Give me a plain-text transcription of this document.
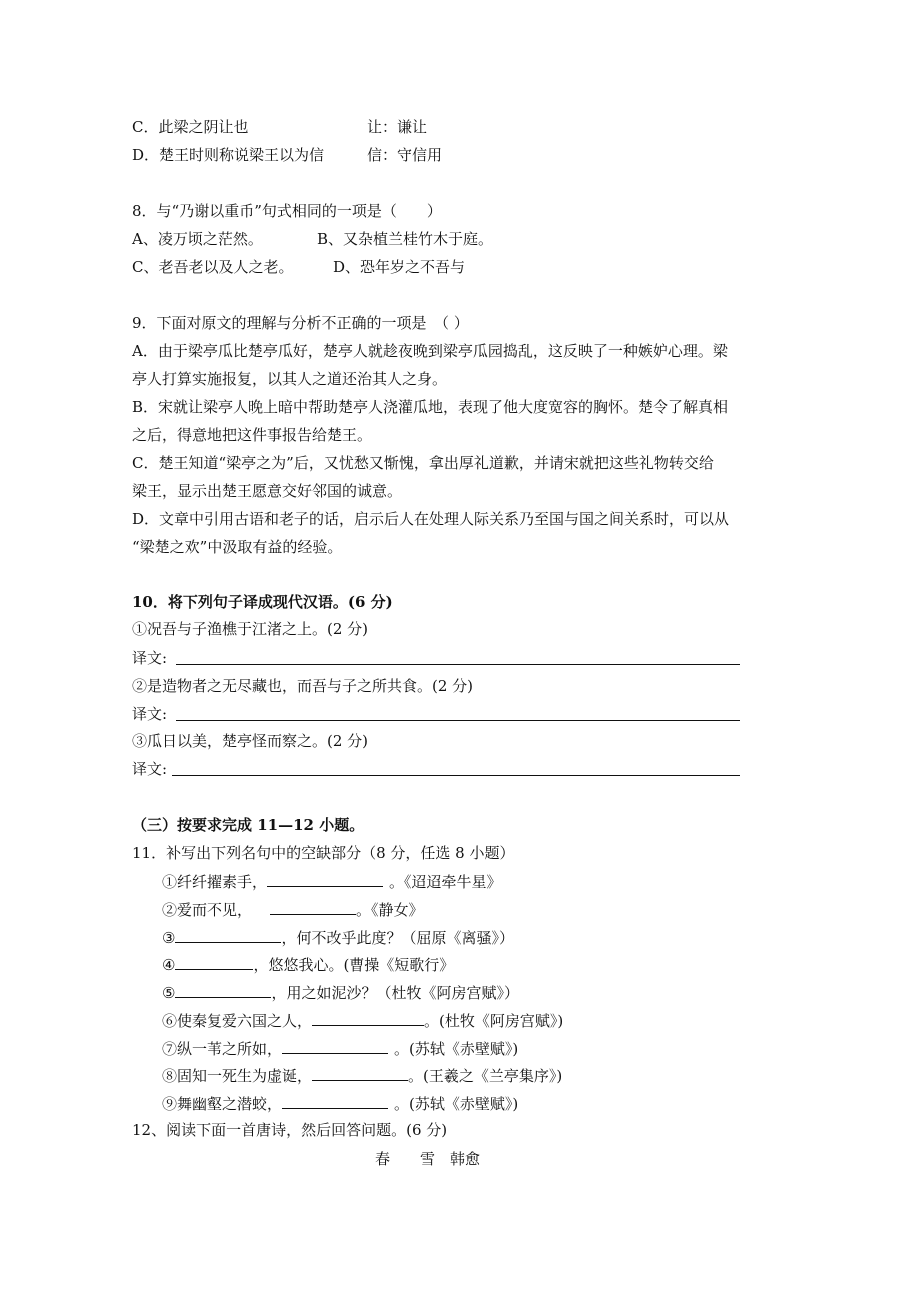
C．此梁之阴让也	让：谦让
D．楚王时则称说梁王以为信	信：守信用
8．与“乃谢以重币”句式相同的一项是（　　）
A、凌万顷之茫然。	B、又杂植兰桂竹木于庭。
C、老吾老以及人之老。	D、恐年岁之不吾与
9．下面对原文的理解与分析不正确的一项是　（ ）
A．由于梁亭瓜比楚亭瓜好，楚亭人就趁夜晚到梁亭瓜园捣乱，这反映了一种嫉妒心理。梁
亭人打算实施报复，以其人之道还治其人之身。
B．宋就让梁亭人晚上暗中帮助楚亭人浇灌瓜地，表现了他大度宽容的胸怀。楚令了解真相
之后，得意地把这件事报告给楚王。
C．楚王知道“梁亭之为”后，又忧愁又惭愧，拿出厚礼道歉，并请宋就把这些礼物转交给
梁王，显示出楚王愿意交好邻国的诚意。
D．文章中引用古语和老子的话，启示后人在处理人际关系乃至国与国之间关系时，可以从
“梁楚之欢”中汲取有益的经验。
10．将下列句子译成现代汉语。(6 分)
①况吾与子渔樵于江渚之上。(2 分)
译文:
②是造物者之无尽藏也，而吾与子之所共食。(2 分)
译文:
③瓜日以美，楚亭怪而察之。(2 分)
译文:
（三）按要求完成 11—12 小题。
11．补写出下列名句中的空缺部分（8 分，任选 8 小题）
①纤纤擢素手，	。《迢迢牵牛星》
②爱而不见，	。《静女》
③	，何不改乎此度？（屈原《离骚》）
④	，悠悠我心。(曹操《短歌行》
⑤	，用之如泥沙？（杜牧《阿房宫赋》）
⑥使秦复爱六国之人，	。(杜牧《阿房宫赋》)
⑦纵一苇之所如，	。(苏轼《赤壁赋》)
⑧固知一死生为虚诞，	。(王羲之《兰亭集序》)
⑨舞幽壑之潜蛟，	。(苏轼《赤壁赋》)
12、阅读下面一首唐诗，然后回答问题。(6 分)
春　　雪　韩愈
